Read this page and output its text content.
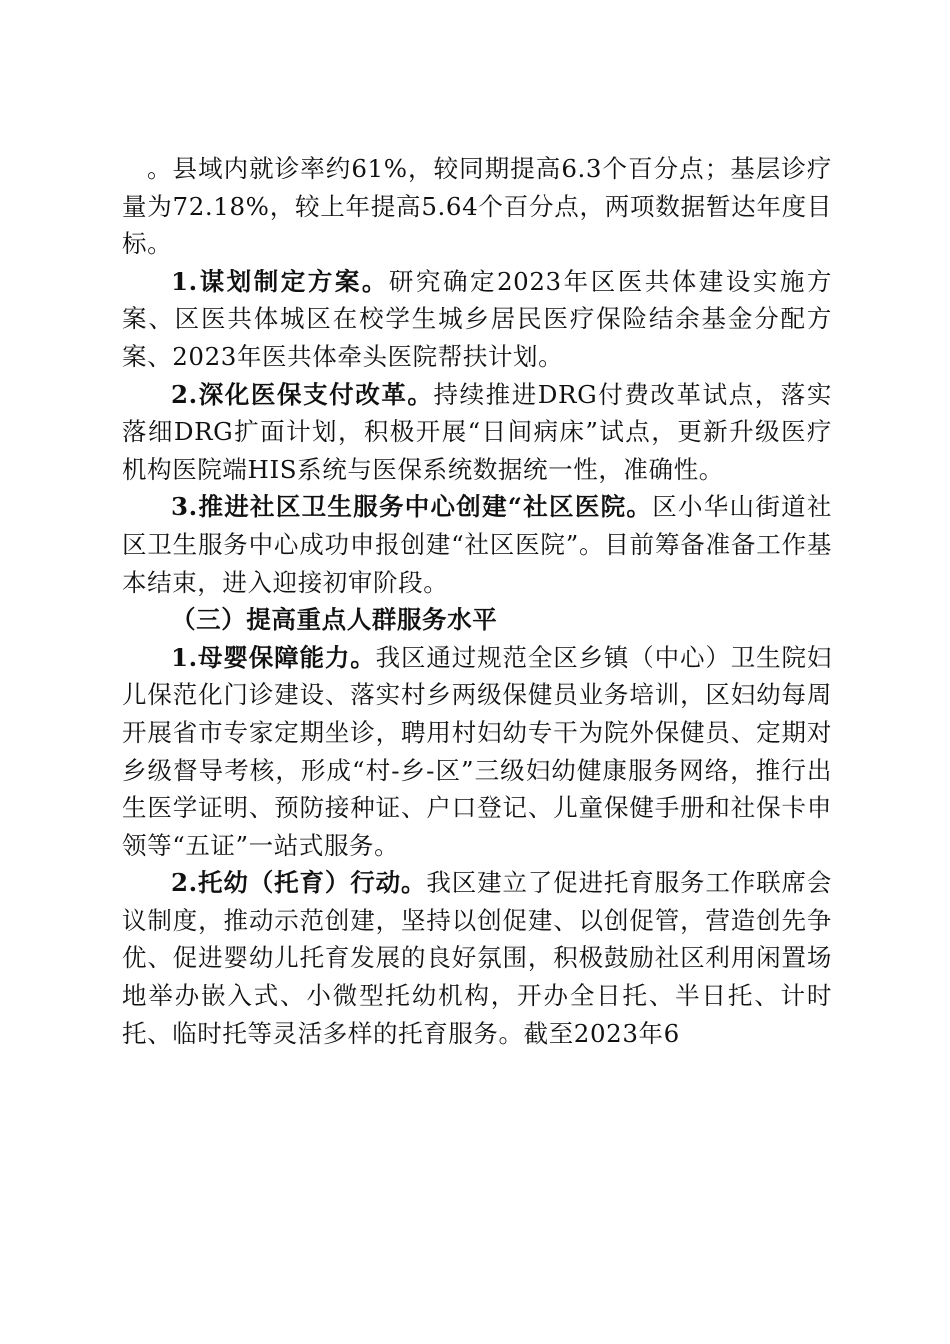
。县域内就诊率约61%，较同期提高6.3个百分点；基层诊疗量为72.18%，较上年提高5.64个百分点，两项数据暂达年度目标。

1.谋划制定方案。研究确定2023年区医共体建设实施方案、区医共体城区在校学生城乡居民医疗保险结余基金分配方案、2023年医共体牵头医院帮扶计划。

2.深化医保支付改革。持续推进DRG付费改革试点，落实落细DRG扩面计划，积极开展“日间病床”试点，更新升级医疗机构医院端HIS系统与医保系统数据统一性，准确性。

3.推进社区卫生服务中心创建“社区医院。区小华山街道社区卫生服务中心成功申报创建“社区医院”。目前筹备准备工作基本结束，进入迎接初审阶段。

（三）提高重点人群服务水平

1.母婴保障能力。我区通过规范全区乡镇（中心）卫生院妇儿保范化门诊建设、落实村乡两级保健员业务培训，区妇幼每周开展省市专家定期坐诊，聘用村妇幼专干为院外保健员、定期对乡级督导考核，形成“村-乡-区”三级妇幼健康服务网络，推行出生医学证明、预防接种证、户口登记、儿童保健手册和社保卡申领等“五证”一站式服务。

2.托幼（托育）行动。我区建立了促进托育服务工作联席会议制度，推动示范创建，坚持以创促建、以创促管，营造创先争优、促进婴幼儿托育发展的良好氛围，积极鼓励社区利用闲置场地举办嵌入式、小微型托幼机构，开办全日托、半日托、计时托、临时托等灵活多样的托育服务。截至2023年6
